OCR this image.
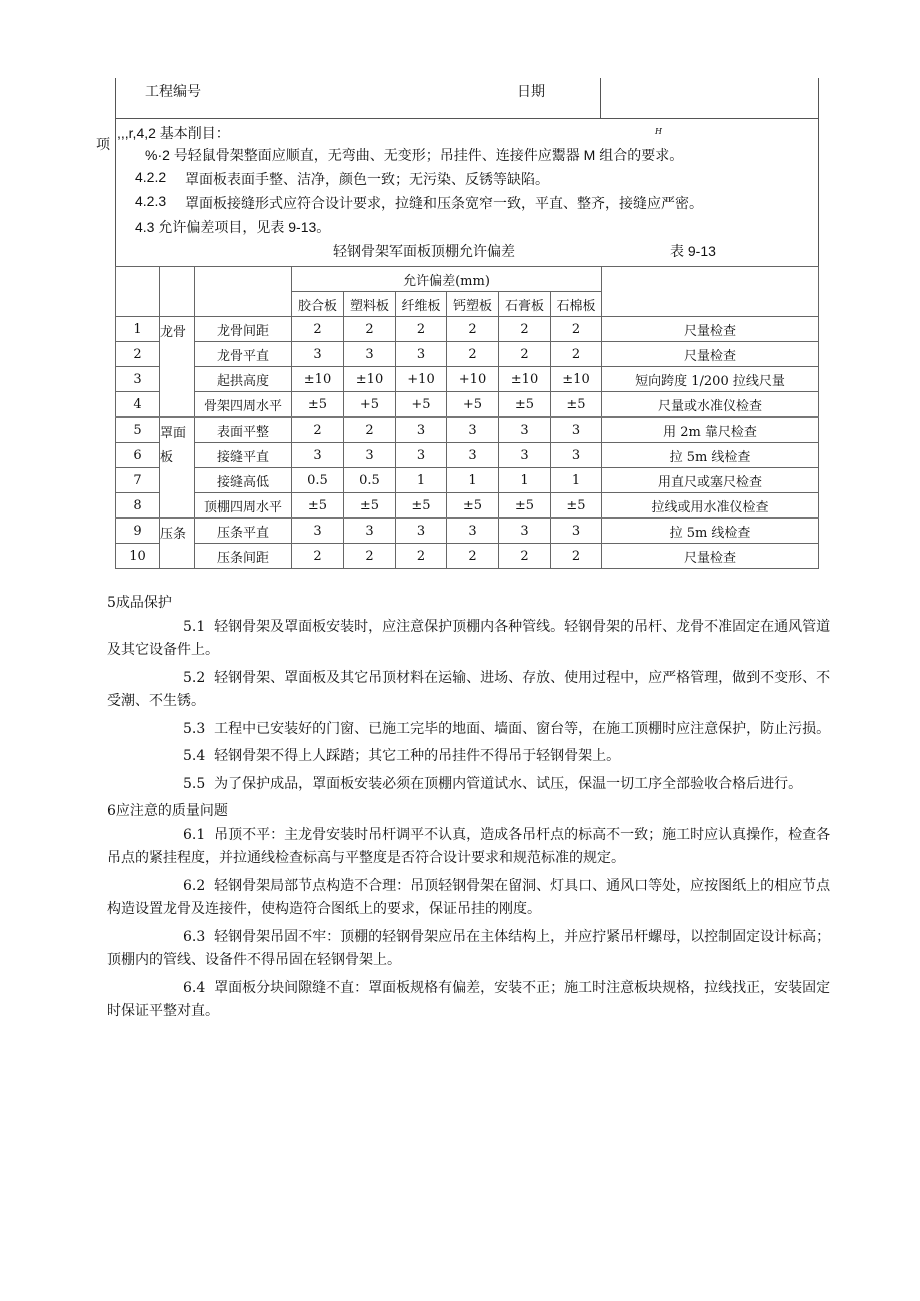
工程编号	日期
项
,,,r,4,2 基本削目：	H
%·2 号轻鼠骨架整面应顺直，无弯曲、无变形；吊挂件、连接件应鬻器 M 组合的要求。
4.2.2 罩面板表面手整、洁净，颜色一致；无污染、反锈等缺陷。
4.2.3 罩面板接缝形式应符合设计要求，拉缝和压条宽窄一致，平直、整齐，接缝应严密。
4.3 允许偏差项目，见表 9-13。
轻钢骨架军面板顶棚允许偏差	表 9-13
			允许偏差(mm)						
			胶合板	塑料板	纤维板	钙塑板	石膏板	石棉板	
1	龙骨	龙骨间距	2	2	2	2	2	2	尺量检查
2		龙骨平直	3	3	3	2	2	2	尺量检查
3		起拱高度	±10	±10	+10	+10	±10	±10	短向跨度 1/200 拉线尺量
4		骨架四周水平	±5	+5	+5	+5	±5	±5	尺量或水准仪检查
5	罩面板	表面平整	2	2	3	3	3	3	用 2m 靠尺检查
6		接缝平直	3	3	3	3	3	3	拉 5m 线检查
7		接缝高低	0.5	0.5	1	1	1	1	用直尺或塞尺检查
8		顶棚四周水平	±5	±5	±5	±5	±5	±5	拉线或用水准仪检查
9	压条	压条平直	3	3	3	3	3	3	拉 5m 线检查
10		压条间距	2	2	2	2	2	2	尺量检查
5成品保护

5.1 轻钢骨架及罩面板安装时，应注意保护顶棚内各种管线。轻钢骨架的吊杆、龙骨不准固定在通风管道及其它设备件上。

5.2 轻钢骨架、罩面板及其它吊顶材料在运输、进场、存放、使用过程中，应严格管理，做到不变形、不受潮、不生锈。

5.3 工程中已安装好的门窗、已施工完毕的地面、墙面、窗台等，在施工顶棚时应注意保护，防止污损。

5.4 轻钢骨架不得上人踩踏；其它工种的吊挂件不得吊于轻钢骨架上。

5.5 为了保护成品，罩面板安装必须在顶棚内管道试水、试压，保温一切工序全部验收合格后进行。

6应注意的质量问题

6.1 吊顶不平：主龙骨安装时吊杆调平不认真，造成各吊杆点的标高不一致；施工时应认真操作，检查各吊点的紧挂程度，并拉通线检查标高与平整度是否符合设计要求和规范标准的规定。

6.2 轻钢骨架局部节点构造不合理：吊顶轻钢骨架在留洞、灯具口、通风口等处，应按图纸上的相应节点构造设置龙骨及连接件，使构造符合图纸上的要求，保证吊挂的刚度。

6.3 轻钢骨架吊固不牢：顶棚的轻钢骨架应吊在主体结构上，并应拧紧吊杆螺母，以控制固定设计标高；顶棚内的管线、设备件不得吊固在轻钢骨架上。

6.4 罩面板分块间隙缝不直：罩面板规格有偏差，安装不正；施工时注意板块规格，拉线找正，安装固定时保证平整对直。
